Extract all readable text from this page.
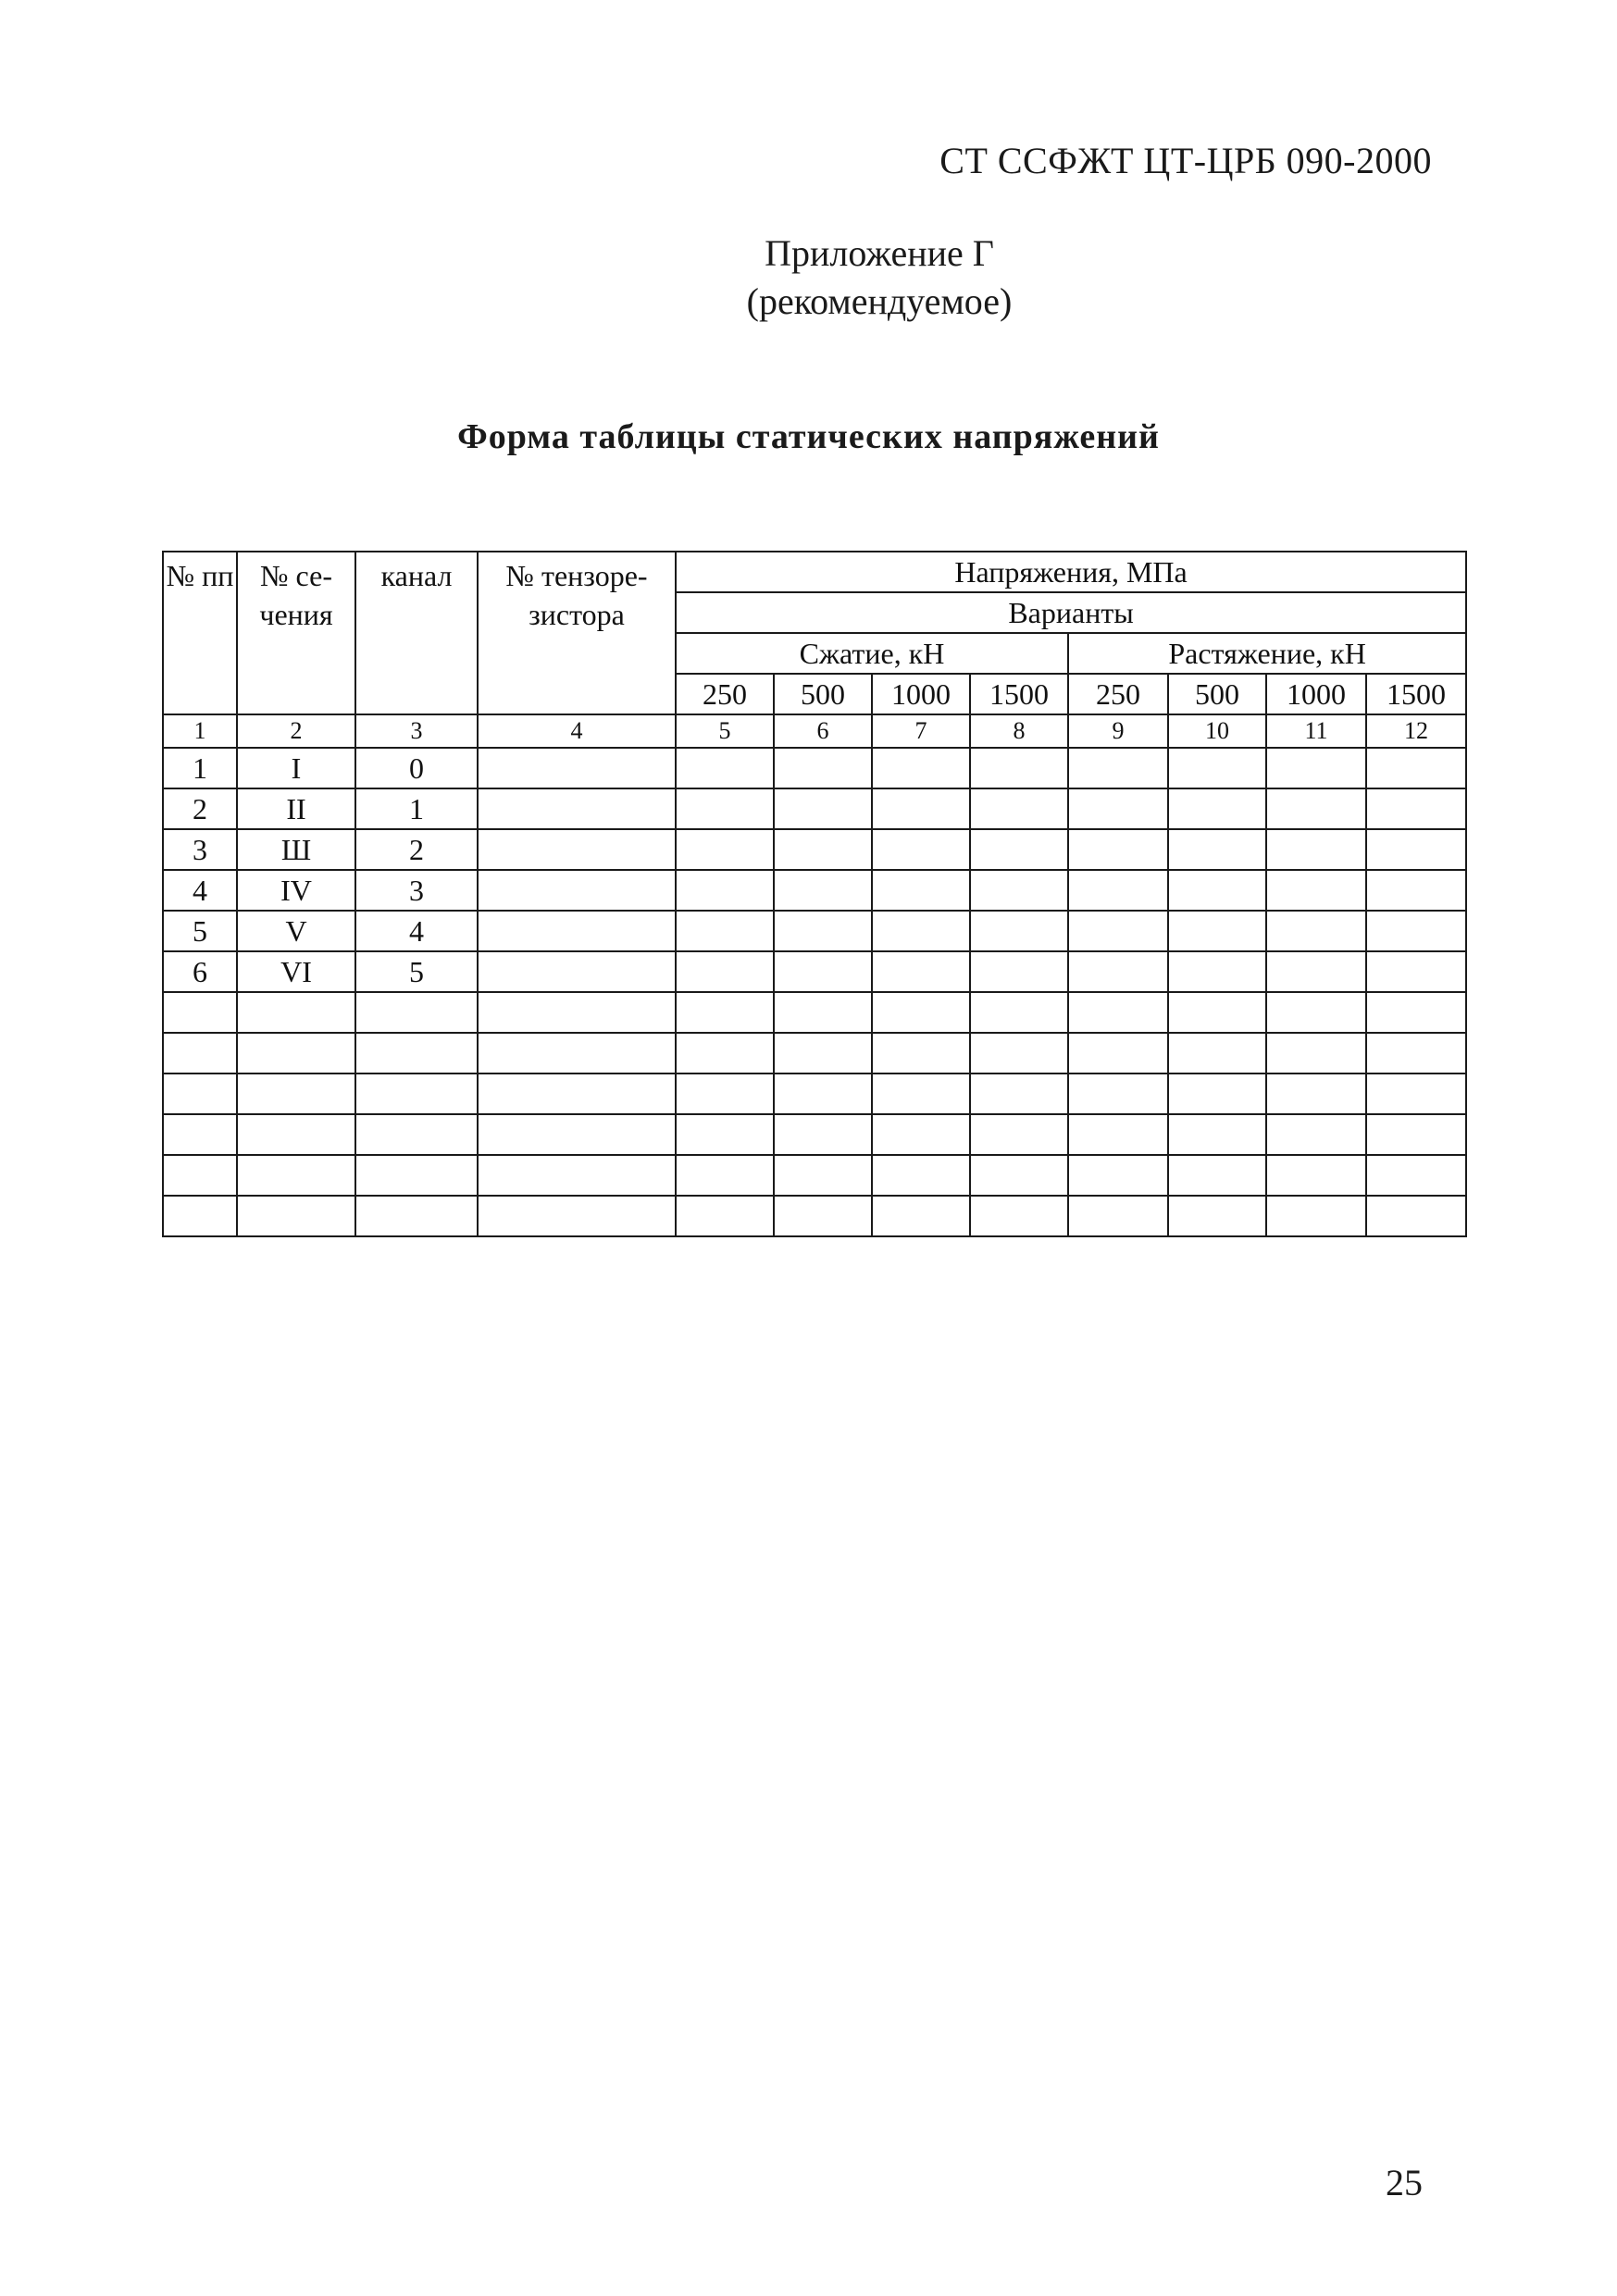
СТ ССФЖТ ЦТ-ЦРБ 090-2000
Приложение Г
(рекомендуемое)
Форма таблицы статических напряжений
№ пп	№ се- чения	канал	№ тензоре- зистора	Напряжения, МПа							
				Варианты							
				Сжатие, кН				Растяжение, кН			
				250	500	1000	1500	250	500	1000	1500
1	2	3	4	5	6	7	8	9	10	11	12
1	I	0									
2	II	1									
3	Ш	2									
4	IV	3									
5	V	4									
6	VI	5									

25
